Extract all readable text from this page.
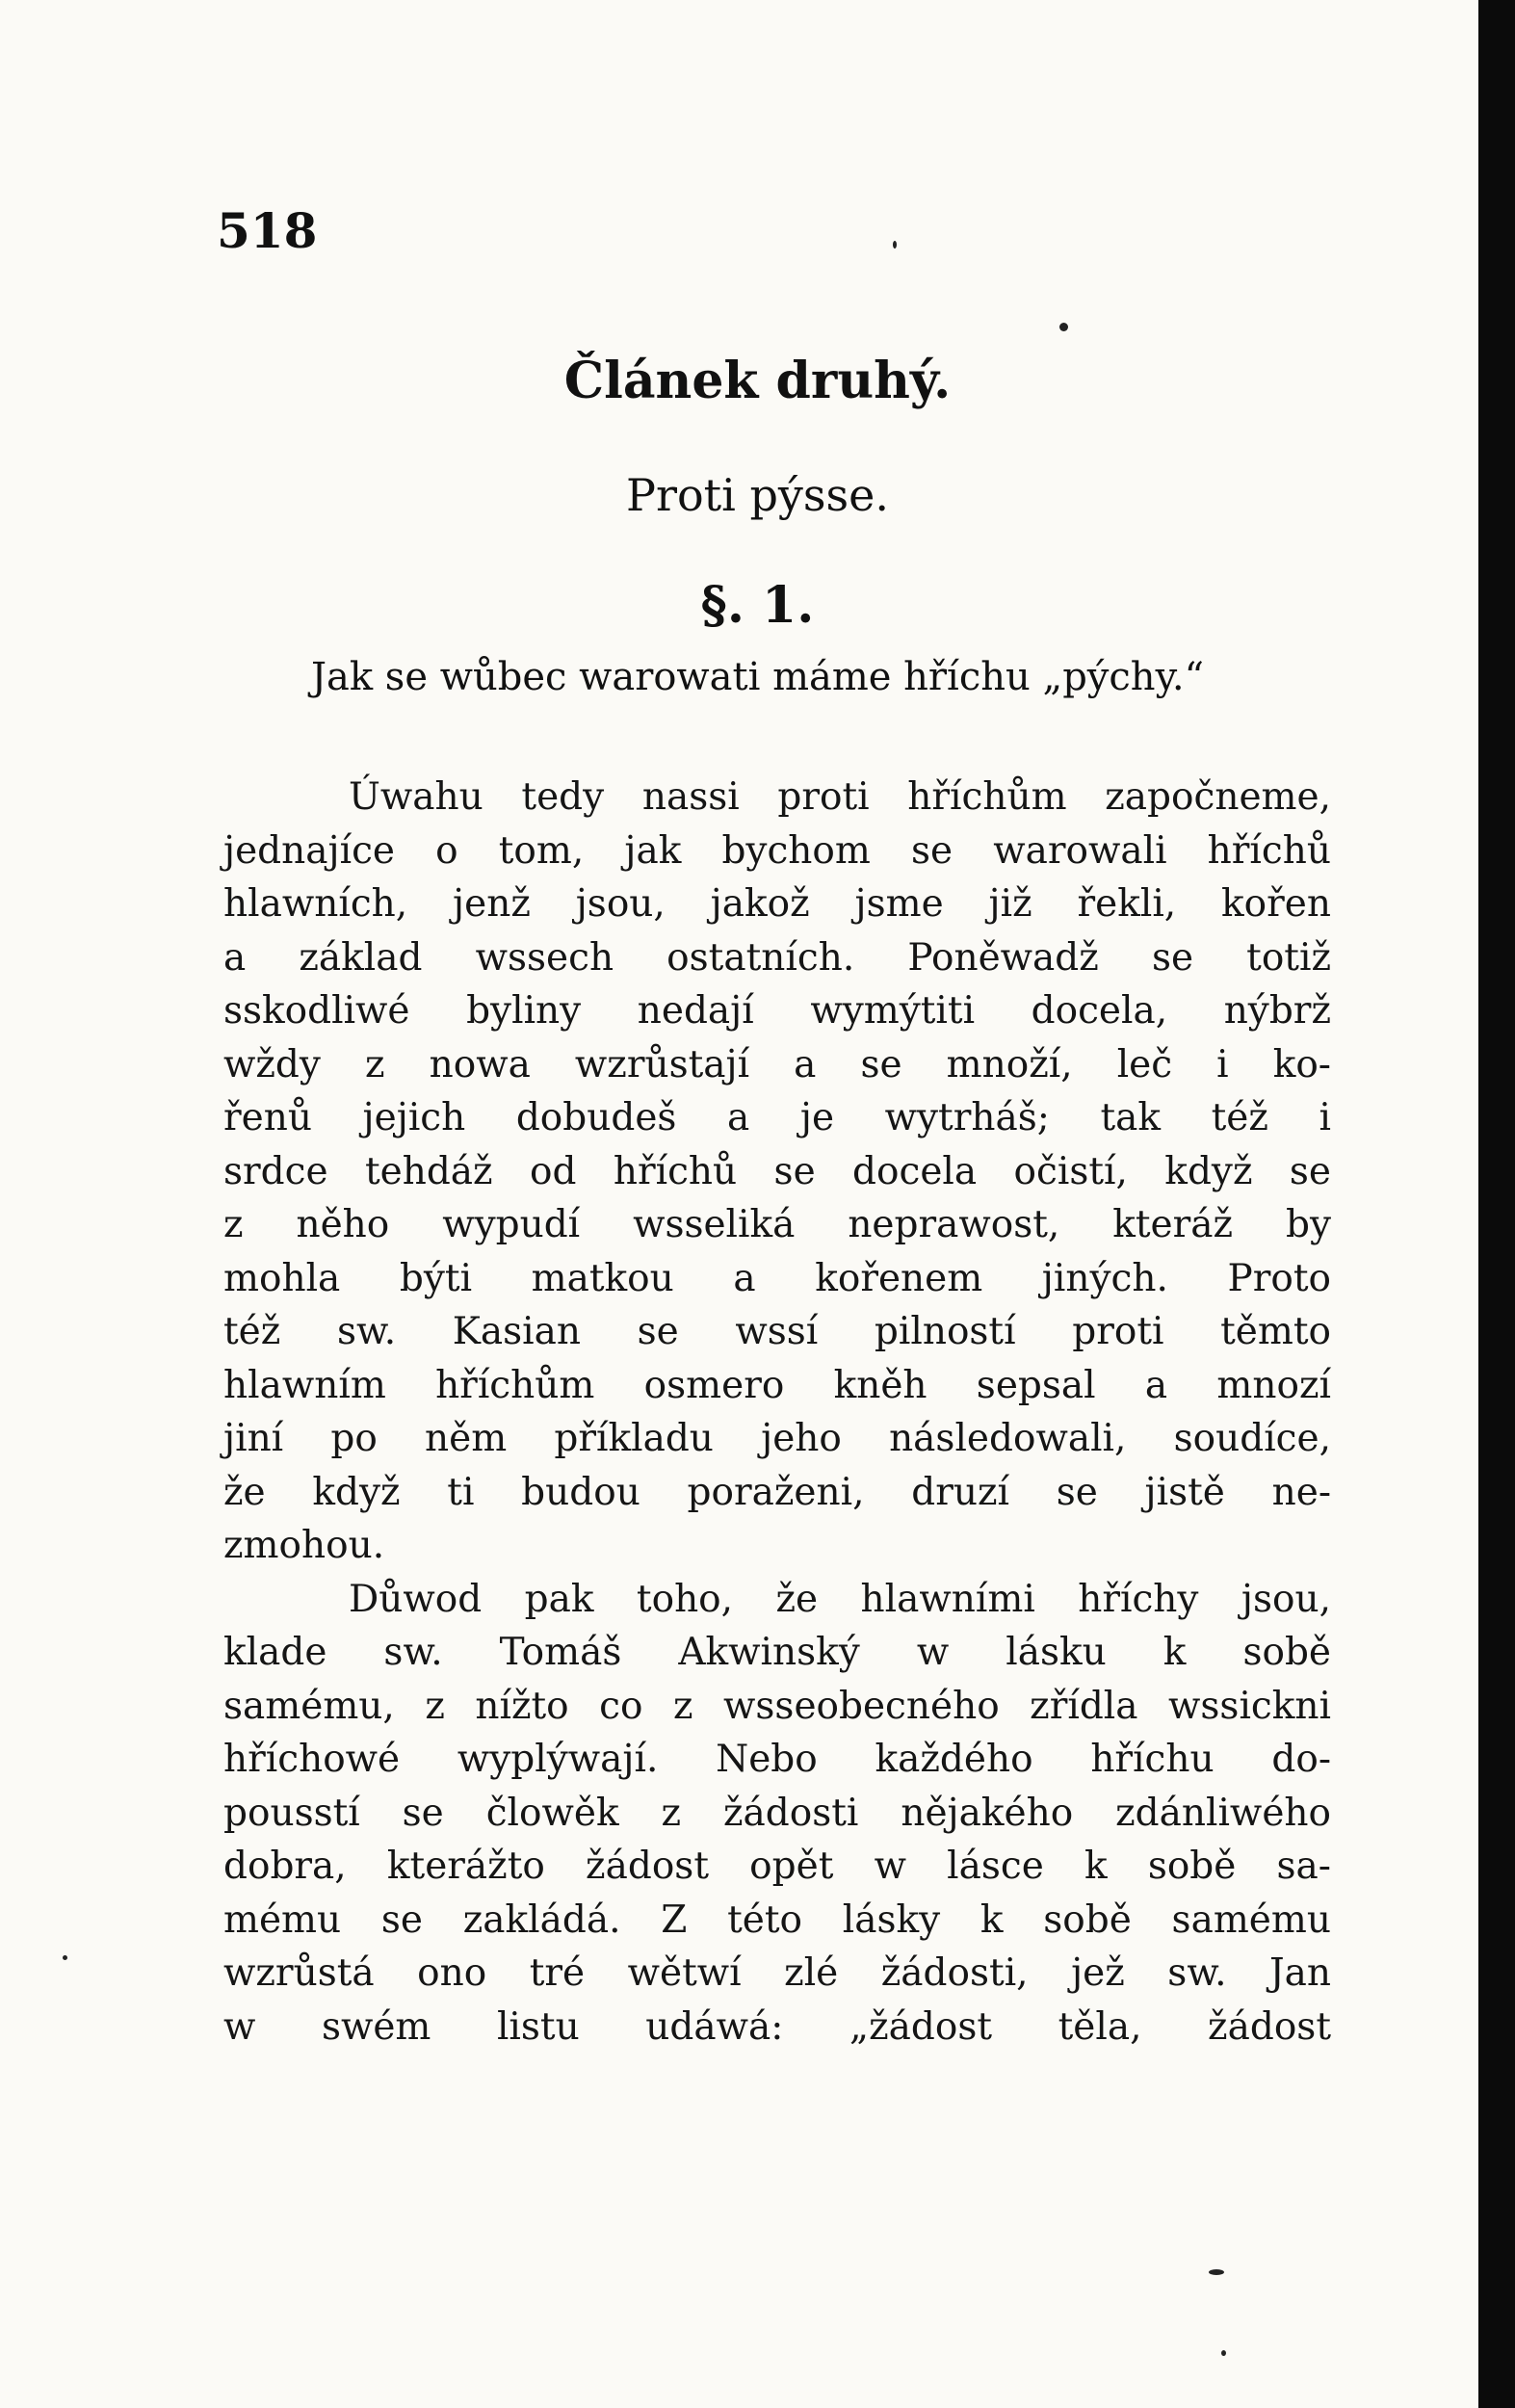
518
Článek druhý.
Proti pýsse.
§. 1.
Jak se wůbec warowati máme hříchu „pýchy.“
Úwahu tedy nassi proti hříchům započneme,
jednajíce o tom, jak bychom se warowali hříchů
hlawních, jenž jsou, jakož jsme již řekli, kořen
a základ wssech ostatních. Poněwadž se totiž
sskodliwé byliny nedají wymýtiti docela, nýbrž
wždy z nowa wzrůstají a se množí, leč i ko-
řenů jejich dobudeš a je wytrháš; tak též i
srdce tehdáž od hříchů se docela očistí, když se
z něho wypudí wsseliká neprawost, kteráž by
mohla býti matkou a kořenem jiných. Proto
též sw. Kasian se wssí pilností proti těmto
hlawním hříchům osmero kněh sepsal a mnozí
jiní po něm příkladu jeho následowali, soudíce,
že když ti budou poraženi, druzí se jistě ne-
zmohou.
Důwod pak toho, že hlawními hříchy jsou,
klade sw. Tomáš Akwinský w lásku k sobě
samému, z nížto co z wsseobecného zřídla wssickni
hříchowé wyplýwají. Nebo každého hříchu do-
pousstí se člowěk z žádosti nějakého zdánliwého
dobra, kterážto žádost opět w lásce k sobě sa-
mému se zakládá. Z této lásky k sobě samému
wzrůstá ono tré wětwí zlé žádosti, jež sw. Jan
w swém listu udáwá: „žádost těla, žádost
